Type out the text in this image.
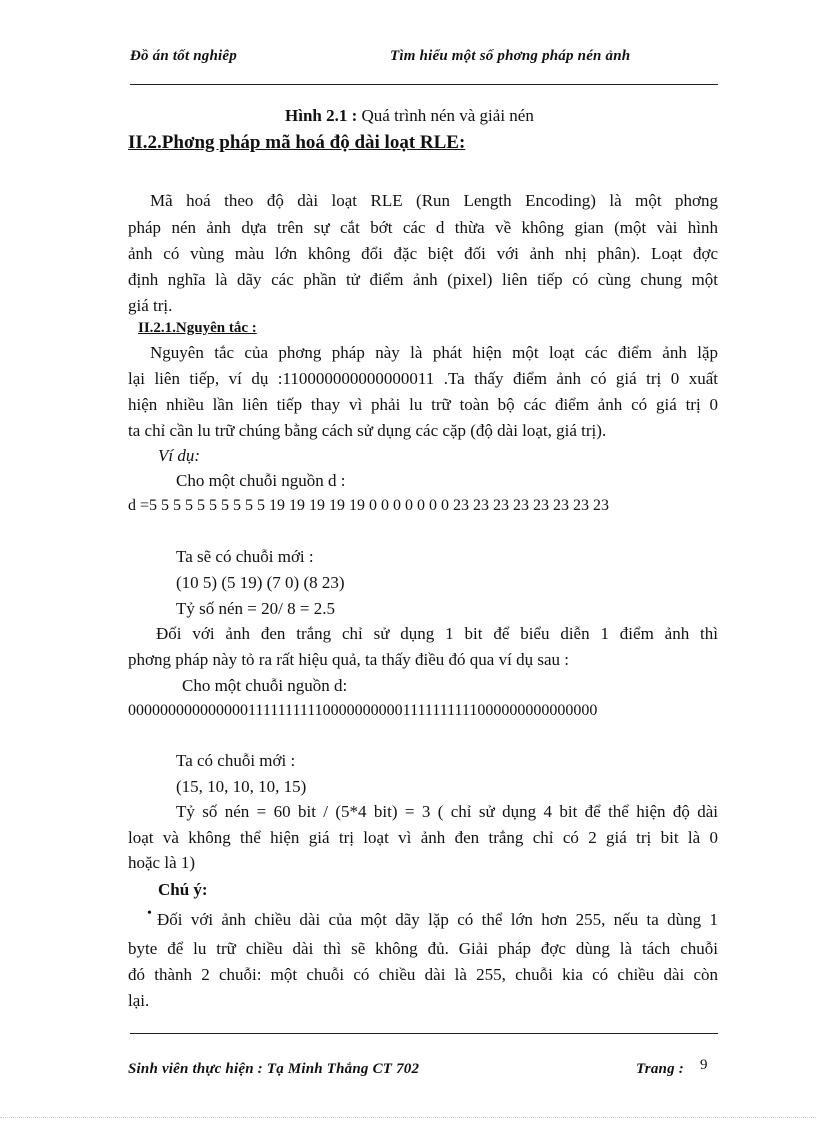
Đồ án tốt nghiêp	Tìm hiểu một số phơng pháp nén ảnh
Hình 2.1 : Quá trình nén và giải nén
II.2.Phơng pháp mã hoá độ dài loạt RLE:
Mã hoá theo độ dài loạt RLE (Run Length Encoding) là một phơng
pháp nén ảnh dựa trên sự cắt bớt các d thừa về không gian (một vài hình
ảnh có vùng màu lớn không đổi đặc biệt đối với ảnh nhị phân). Loạt đợc
định nghĩa là dãy các phần tử điểm ảnh (pixel) liên tiếp có cùng chung một
giá trị.
II.2.1.Nguyên tắc :
Nguyên tắc của phơng pháp này là phát hiện một loạt các điểm ảnh lặp
lại liên tiếp, ví dụ :110000000000000011 .Ta thấy điểm ảnh có giá trị 0 xuất
hiện nhiều lần liên tiếp thay vì phải lu trữ toàn bộ các điểm ảnh có giá trị 0
ta chỉ cần lu trữ chúng bằng cách sử dụng các cặp (độ dài loạt, giá trị).
Ví dụ:
Cho một chuỗi nguồn d :
d =5 5 5 5 5 5 5 5 5 5 19 19 19 19 19 0 0 0 0 0 0 0 23 23 23 23 23 23 23 23
Ta sẽ có chuỗi mới :
(10 5) (5 19) (7 0) (8 23)
Tỷ số nén = 20/ 8 = 2.5
Đối với ảnh đen trắng chỉ sử dụng 1 bit để biểu diễn 1 điểm ảnh thì
phơng pháp này tỏ ra rất hiệu quả, ta thấy điều đó qua ví dụ sau :
Cho một chuỗi nguồn d:
000000000000000111111111100000000001111111111000000000000000
Ta có chuỗi mới :
(15, 10, 10, 10, 15)
Tỷ số nén = 60 bit / (5*4 bit) = 3 ( chỉ sử dụng 4 bit để thể hiện độ dài
loạt và không thể hiện giá trị loạt vì ảnh đen trắng chỉ có 2 giá trị bit là 0
hoặc là 1)
Chú ý:
• Đối với ảnh chiều dài của một dãy lặp có thể lớn hơn 255, nếu ta dùng 1
byte để lu trữ chiều dài thì sẽ không đủ. Giải pháp đợc dùng là tách chuỗi
đó thành 2 chuỗi: một chuỗi có chiều dài là 255, chuỗi kia có chiều dài còn
lại.
Sinh viên thực hiện : Tạ Minh Thắng CT 702	Trang : 9
